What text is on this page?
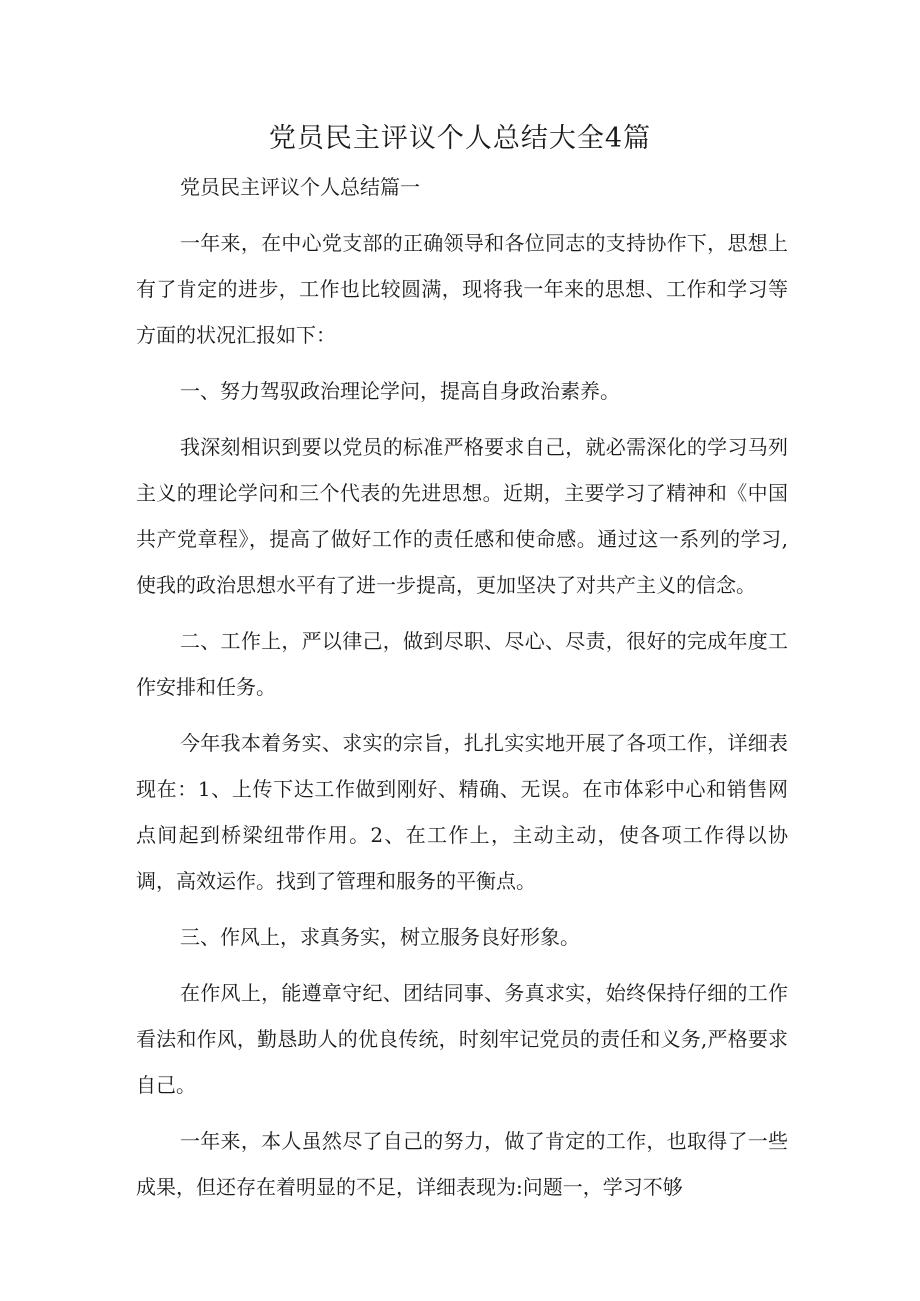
党员民主评议个人总结大全4篇

党员民主评议个人总结篇一

一年来，在中心党支部的正确领导和各位同志的支持协作下，思想上有了肯定的进步，工作也比较圆满，现将我一年来的思想、工作和学习等方面的状况汇报如下：

一、努力驾驭政治理论学问，提高自身政治素养。

我深刻相识到要以党员的标准严格要求自己，就必需深化的学习马列主义的理论学问和三个代表的先进思想。近期，主要学习了精神和《中国共产党章程》，提高了做好工作的责任感和使命感。通过这一系列的学习,使我的政治思想水平有了进一步提高，更加坚决了对共产主义的信念。

二、工作上，严以律己，做到尽职、尽心、尽责，很好的完成年度工作安排和任务。

今年我本着务实、求实的宗旨，扎扎实实地开展了各项工作，详细表现在：1、上传下达工作做到刚好、精确、无误。在市体彩中心和销售网点间起到桥梁纽带作用。2、在工作上，主动主动，使各项工作得以协调，高效运作。找到了管理和服务的平衡点。

三、作风上，求真务实，树立服务良好形象。

在作风上，能遵章守纪、团结同事、务真求实，始终保持仔细的工作看法和作风，勤恳助人的优良传统，时刻牢记党员的责任和义务,严格要求自己。

一年来，本人虽然尽了自己的努力，做了肯定的工作，也取得了一些成果，但还存在着明显的不足，详细表现为:问题一，学习不够
